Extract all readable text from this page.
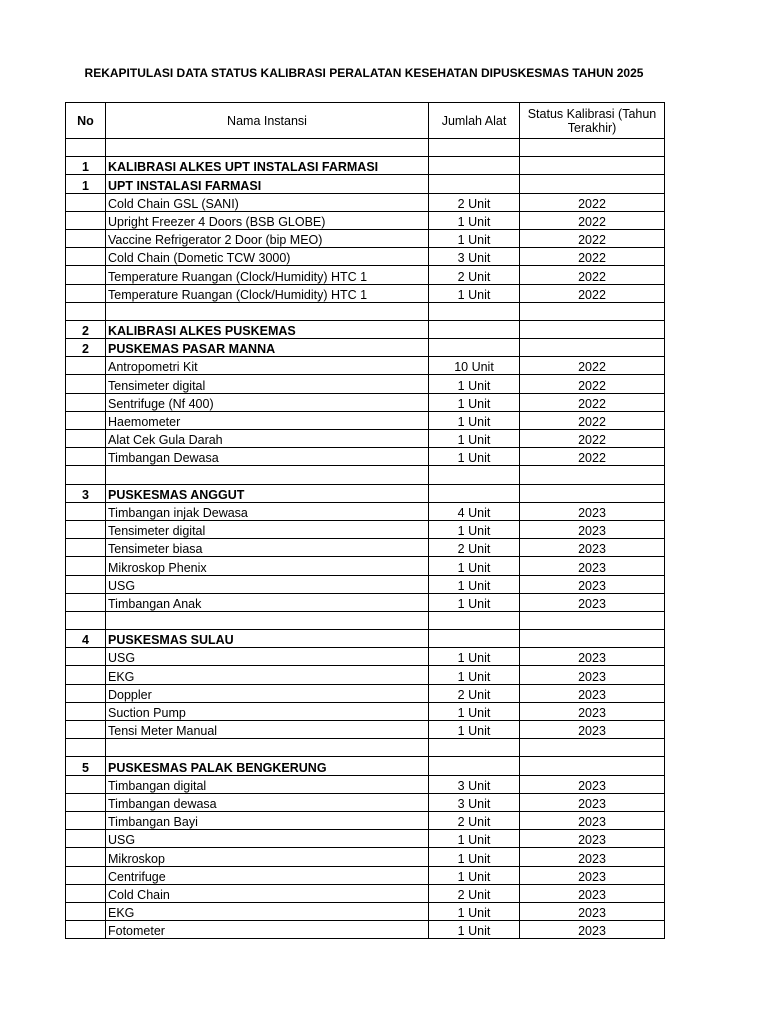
REKAPITULASI DATA STATUS KALIBRASI PERALATAN KESEHATAN DIPUSKESMAS TAHUN 2025
No	Nama Instansi	Jumlah Alat	Status Kalibrasi (Tahun Terakhir)

1	KALIBRASI ALKES UPT INSTALASI FARMASI		
1	UPT INSTALASI FARMASI		
	Cold Chain GSL (SANI)	2 Unit	2022
	Upright Freezer 4 Doors (BSB GLOBE)	1 Unit	2022
	Vaccine Refrigerator 2 Door (bip MEO)	1 Unit	2022
	Cold Chain (Dometic TCW 3000)	3 Unit	2022
	Temperature Ruangan (Clock/Humidity) HTC 1	2 Unit	2022
	Temperature Ruangan (Clock/Humidity) HTC 1	1 Unit	2022

2	KALIBRASI ALKES PUSKEMAS		
2	PUSKEMAS PASAR MANNA		
	Antropometri Kit	10 Unit	2022
	Tensimeter digital	1 Unit	2022
	Sentrifuge (Nf 400)	1 Unit	2022
	Haemometer	1 Unit	2022
	Alat Cek Gula Darah	1 Unit	2022
	Timbangan Dewasa	1 Unit	2022

3	PUSKESMAS ANGGUT		
	Timbangan injak Dewasa	4 Unit	2023
	Tensimeter digital	1 Unit	2023
	Tensimeter biasa	2 Unit	2023
	Mikroskop Phenix	1 Unit	2023
	USG	1 Unit	2023
	Timbangan Anak	1 Unit	2023

4	PUSKESMAS SULAU		
	USG	1 Unit	2023
	EKG	1 Unit	2023
	Doppler	2 Unit	2023
	Suction Pump	1 Unit	2023
	Tensi Meter Manual	1 Unit	2023

5	PUSKESMAS PALAK BENGKERUNG		
	Timbangan digital	3 Unit	2023
	Timbangan dewasa	3 Unit	2023
	Timbangan Bayi	2 Unit	2023
	USG	1 Unit	2023
	Mikroskop	1 Unit	2023
	Centrifuge	1 Unit	2023
	Cold Chain	2 Unit	2023
	EKG	1 Unit	2023
	Fotometer	1 Unit	2023
